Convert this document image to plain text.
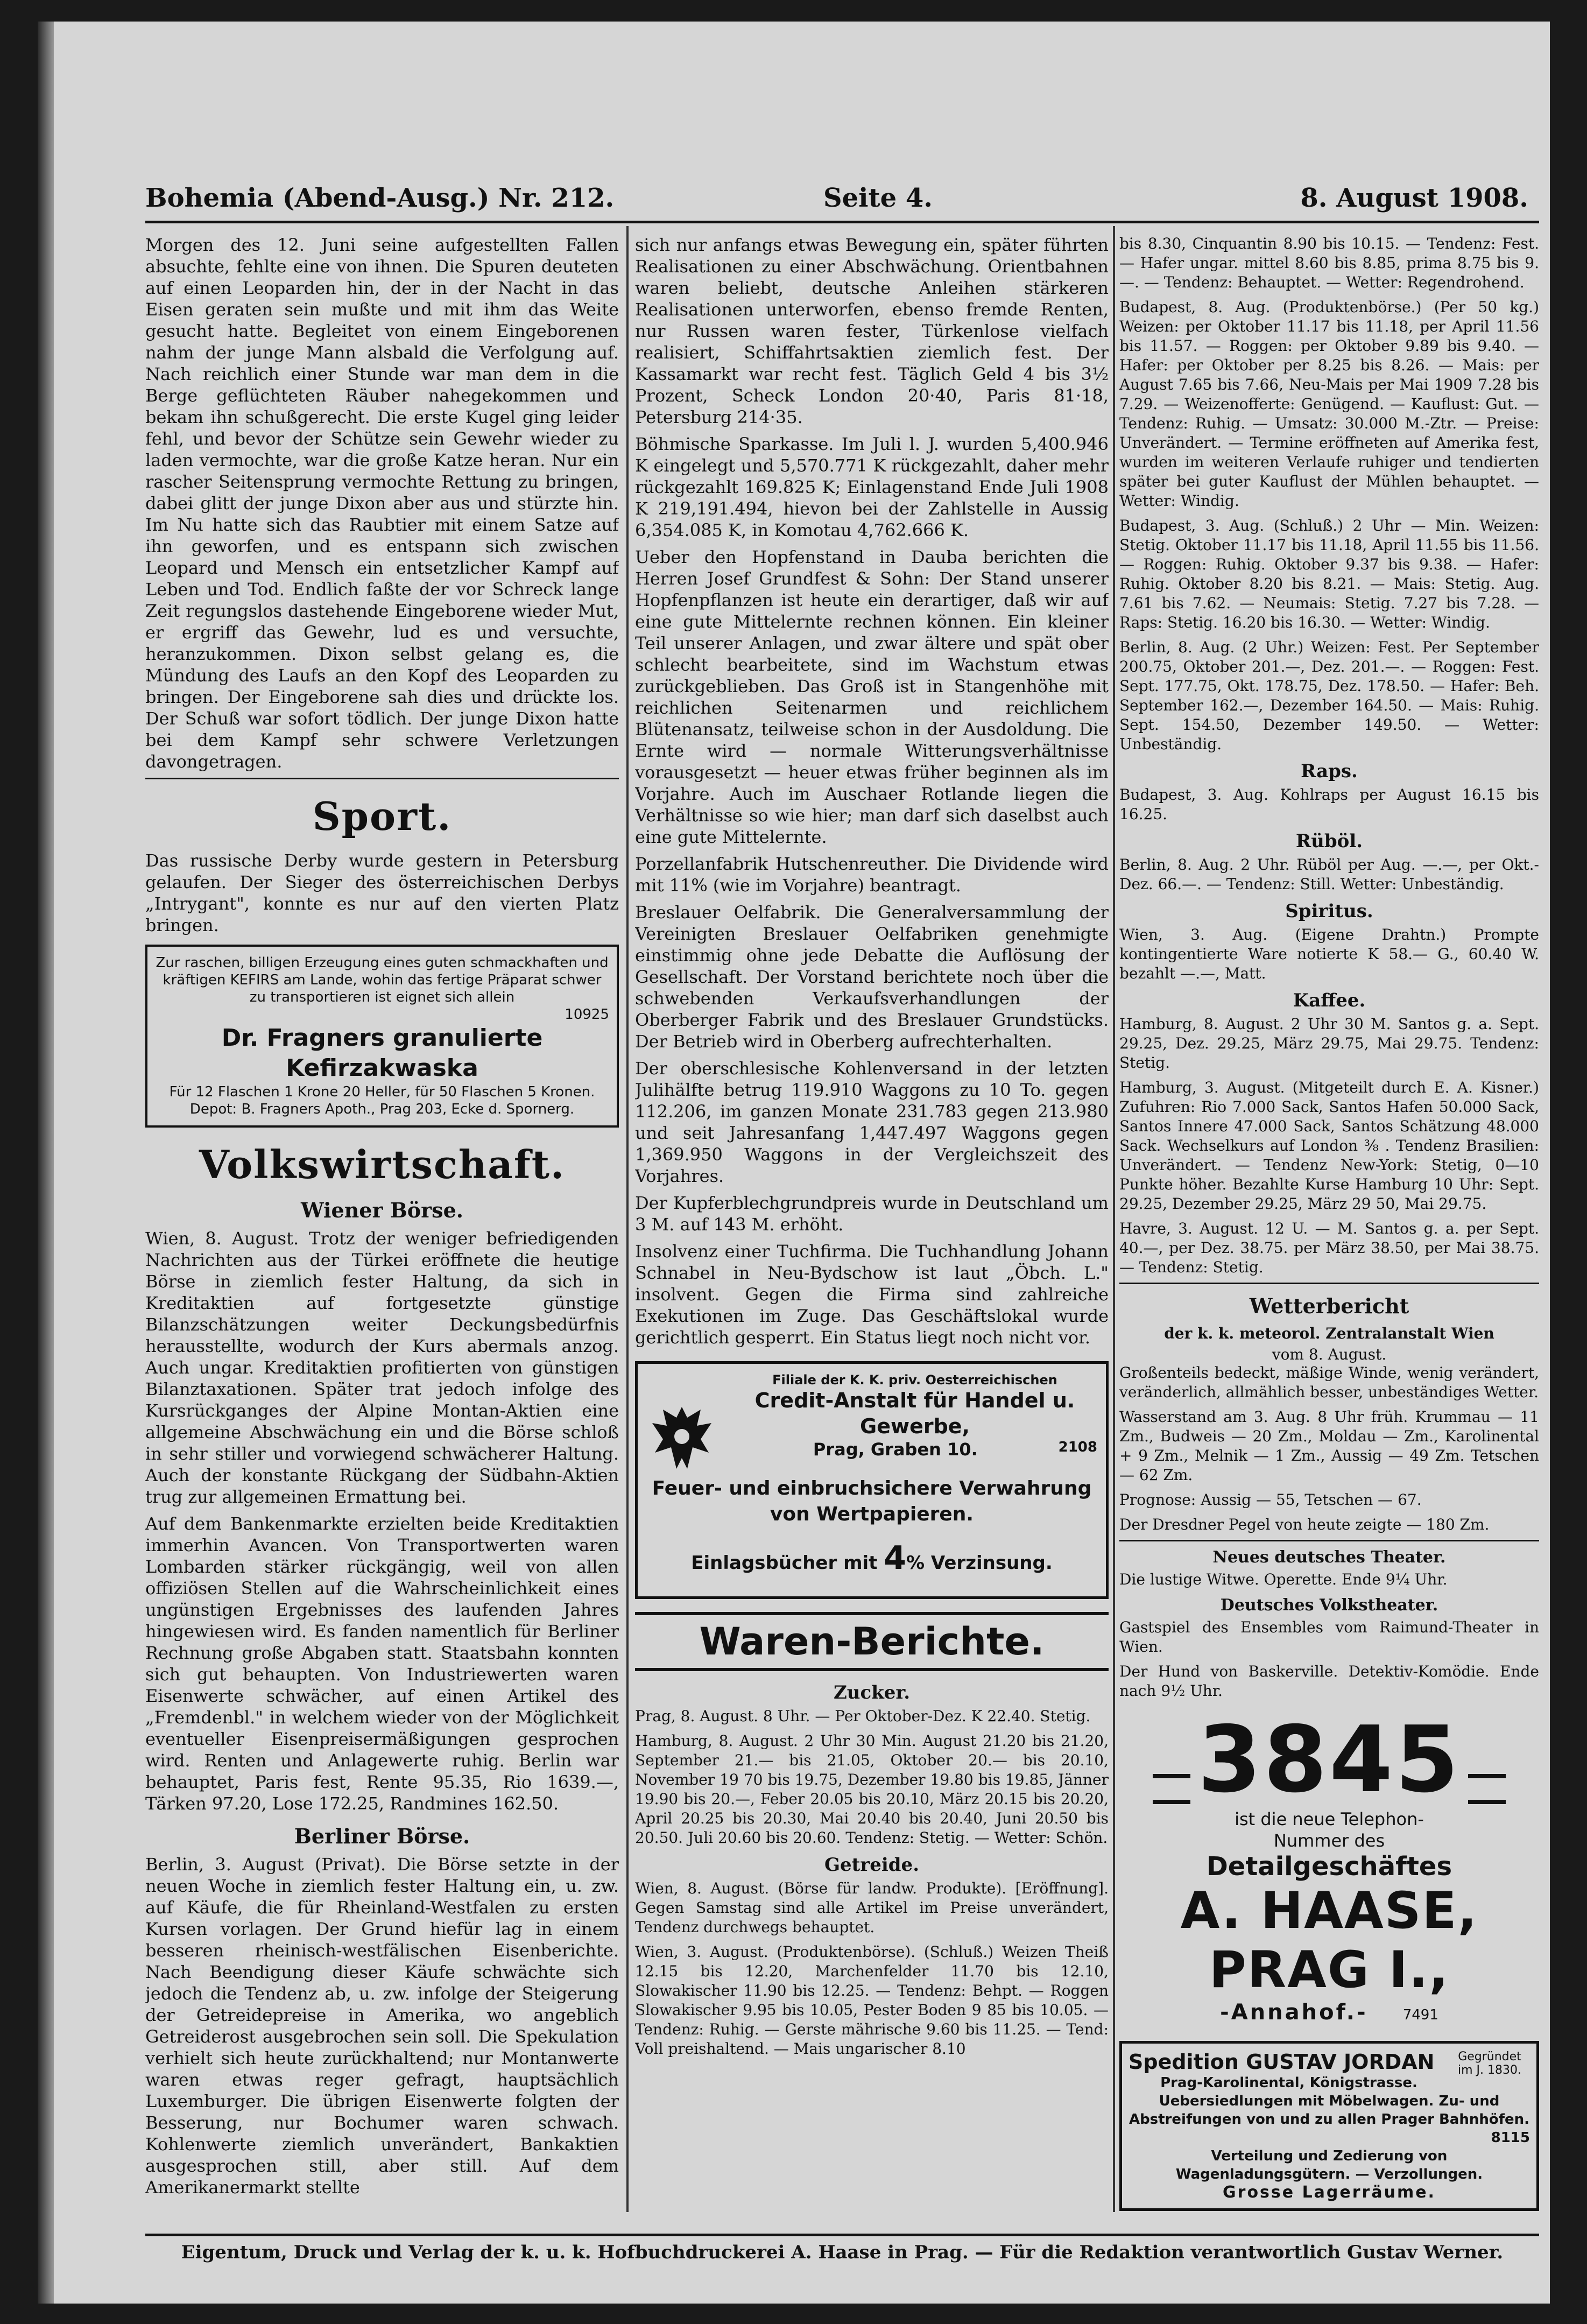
Bohemia (Abend-Ausg.) Nr. 212.	Seite 4.	8. August 1908.

Morgen des 12. Juni seine aufgestellten Fallen absuchte, fehlte eine von ihnen. Die Spuren deuteten auf einen Leoparden hin, der in der Nacht in das Eisen geraten sein mußte und mit ihm das Weite gesucht hatte. Begleitet von einem Eingeborenen nahm der junge Mann alsbald die Verfolgung auf. Nach reichlich einer Stunde war man dem in die Berge geflüchteten Räuber nahegekommen und bekam ihn schußgerecht. Die erste Kugel ging leider fehl, und bevor der Schütze sein Gewehr wieder zu laden vermochte, war die große Katze heran. Nur ein rascher Seitensprung vermochte Rettung zu bringen, dabei glitt der junge Dixon aber aus und stürzte hin. Im Nu hatte sich das Raubtier mit einem Satze auf ihn geworfen, und es entspann sich zwischen Leopard und Mensch ein entsetzlicher Kampf auf Leben und Tod. Endlich faßte der vor Schreck lange Zeit regungslos dastehende Eingeborene wieder Mut, er ergriff das Gewehr, lud es und versuchte, heranzukommen. Dixon selbst gelang es, die Mündung des Laufs an den Kopf des Leoparden zu bringen. Der Eingeborene sah dies und drückte los. Der Schuß war sofort tödlich. Der junge Dixon hatte bei dem Kampf sehr schwere Verletzungen davongetragen.

Sport.

Das russische Derby wurde gestern in Petersburg gelaufen. Der Sieger des österreichischen Derbys „Intrygant", konnte es nur auf den vierten Platz bringen.

Zur raschen, billigen Erzeugung eines guten schmackhaften und kräftigen KEFIRS am Lande, wohin das fertige Präparat schwer zu transportieren ist eignet sich allein
10925
Dr. Fragners granulierte Kefirzakwaska
Für 12 Flaschen 1 Krone 20 Heller, für 50 Flaschen 5 Kronen.
Depot: B. Fragners Apoth., Prag 203, Ecke d. Spornerg.
Volkswirtschaft.
Wiener Börse.

Wien, 8. August. Trotz der weniger befriedigenden Nachrichten aus der Türkei eröffnete die heutige Börse in ziemlich fester Haltung, da sich in Kreditaktien auf fortgesetzte günstige Bilanzschätzungen weiter Deckungsbedürfnis herausstellte, wodurch der Kurs abermals anzog. Auch ungar. Kreditaktien profitierten von günstigen Bilanztaxationen. Später trat jedoch infolge des Kursrückganges der Alpine Montan-Aktien eine allgemeine Abschwächung ein und die Börse schloß in sehr stiller und vorwiegend schwächerer Haltung. Auch der konstante Rückgang der Südbahn-Aktien trug zur allgemeinen Ermattung bei.

Auf dem Bankenmarkte erzielten beide Kreditaktien immerhin Avancen. Von Transportwerten waren Lombarden stärker rückgängig, weil von allen offiziösen Stellen auf die Wahrscheinlichkeit eines ungünstigen Ergebnisses des laufenden Jahres hingewiesen wird. Es fanden namentlich für Berliner Rechnung große Abgaben statt. Staatsbahn konnten sich gut behaupten. Von Industriewerten waren Eisenwerte schwächer, auf einen Artikel des „Fremdenbl." in welchem wieder von der Möglichkeit eventueller Eisenpreisermäßigungen gesprochen wird. Renten und Anlagewerte ruhig. Berlin war behauptet, Paris fest, Rente 95.35, Rio 1639.—, Tärken 97.20, Lose 172.25, Randmines 162.50.

Berliner Börse.

Berlin, 3. August (Privat). Die Börse setzte in der neuen Woche in ziemlich fester Haltung ein, u. zw. auf Käufe, die für Rheinland-Westfalen zu ersten Kursen vorlagen. Der Grund hiefür lag in einem besseren rheinisch-westfälischen Eisenberichte. Nach Beendigung dieser Käufe schwächte sich jedoch die Tendenz ab, u. zw. infolge der Steigerung der Getreidepreise in Amerika, wo angeblich Getreiderost ausgebrochen sein soll. Die Spekulation verhielt sich heute zurückhaltend; nur Montanwerte waren etwas reger gefragt, hauptsächlich Luxemburger. Die übrigen Eisenwerte folgten der Besserung, nur Bochumer waren schwach. Kohlenwerte ziemlich unverändert, Bankaktien ausgesprochen still, aber still. Auf dem Amerikanermarkt stellte

sich nur anfangs etwas Bewegung ein, später führten Realisationen zu einer Abschwächung. Orientbahnen waren beliebt, deutsche Anleihen stärkeren Realisationen unterworfen, ebenso fremde Renten, nur Russen waren fester, Türkenlose vielfach realisiert, Schiffahrtsaktien ziemlich fest. Der Kassamarkt war recht fest. Täglich Geld 4 bis 3½ Prozent, Scheck London 20·40, Paris 81·18, Petersburg 214·35.

Böhmische Sparkasse. Im Juli l. J. wurden 5,400.946 K eingelegt und 5,570.771 K rückgezahlt, daher mehr rückgezahlt 169.825 K; Einlagenstand Ende Juli 1908 K 219,191.494, hievon bei der Zahlstelle in Aussig 6,354.085 K, in Komotau 4,762.666 K.

Ueber den Hopfenstand in Dauba berichten die Herren Josef Grundfest & Sohn: Der Stand unserer Hopfenpflanzen ist heute ein derartiger, daß wir auf eine gute Mittelernte rechnen können. Ein kleiner Teil unserer Anlagen, und zwar ältere und spät ober schlecht bearbeitete, sind im Wachstum etwas zurückgeblieben. Das Groß ist in Stangenhöhe mit reichlichen Seitenarmen und reichlichem Blütenansatz, teilweise schon in der Ausdoldung. Die Ernte wird — normale Witterungsverhältnisse vorausgesetzt — heuer etwas früher beginnen als im Vorjahre. Auch im Auschaer Rotlande liegen die Verhältnisse so wie hier; man darf sich daselbst auch eine gute Mittelernte.

Porzellanfabrik Hutschenreuther. Die Dividende wird mit 11% (wie im Vorjahre) beantragt.

Breslauer Oelfabrik. Die Generalversammlung der Vereinigten Breslauer Oelfabriken genehmigte einstimmig ohne jede Debatte die Auflösung der Gesellschaft. Der Vorstand berichtete noch über die schwebenden Verkaufsverhandlungen der Oberberger Fabrik und des Breslauer Grundstücks. Der Betrieb wird in Oberberg aufrechterhalten.

Der oberschlesische Kohlenversand in der letzten Julihälfte betrug 119.910 Waggons zu 10 To. gegen 112.206, im ganzen Monate 231.783 gegen 213.980 und seit Jahresanfang 1,447.497 Waggons gegen 1,369.950 Waggons in der Vergleichszeit des Vorjahres.

Der Kupferblechgrundpreis wurde in Deutschland um 3 M. auf 143 M. erhöht.

Insolvenz einer Tuchfirma. Die Tuchhandlung Johann Schnabel in Neu-Bydschow ist laut „Öbch. L." insolvent. Gegen die Firma sind zahlreiche Exekutionen im Zuge. Das Geschäftslokal wurde gerichtlich gesperrt. Ein Status liegt noch nicht vor.

Filiale der K. K. priv. Oesterreichischen
Credit-Anstalt für Handel u. Gewerbe,
Prag, Graben 10.	2108
Feuer- und einbruchsichere Verwahrung
von Wertpapieren.
Einlagsbücher mit 4% Verzinsung.
Waren-Berichte.
Zucker.

Prag, 8. August. 8 Uhr. — Per Oktober-Dez. K 22.40. Stetig.

Hamburg, 8. August. 2 Uhr 30 Min. August 21.20 bis 21.20, September 21.— bis 21.05, Oktober 20.— bis 20.10, November 19 70 bis 19.75, Dezember 19.80 bis 19.85, Jänner 19.90 bis 20.—, Feber 20.05 bis 20.10, März 20.15 bis 20.20, April 20.25 bis 20.30, Mai 20.40 bis 20.40, Juni 20.50 bis 20.50. Juli 20.60 bis 20.60. Tendenz: Stetig. — Wetter: Schön.

Getreide.

Wien, 8. August. (Börse für landw. Produkte). [Eröffnung]. Gegen Samstag sind alle Artikel im Preise unverändert, Tendenz durchwegs behauptet.

Wien, 3. August. (Produktenbörse). (Schluß.) Weizen Theiß 12.15 bis 12.20, Marchenfelder 11.70 bis 12.10, Slowakischer 11.90 bis 12.25. — Tendenz: Behpt. — Roggen Slowakischer 9.95 bis 10.05, Pester Boden 9 85 bis 10.05. — Tendenz: Ruhig. — Gerste mährische 9.60 bis 11.25. — Tend: Voll preishaltend. — Mais ungarischer 8.10

bis 8.30, Cinquantin 8.90 bis 10.15. — Tendenz: Fest. — Hafer ungar. mittel 8.60 bis 8.85, prima 8.75 bis 9.—. — Tendenz: Behauptet. — Wetter: Regendrohend.

Budapest, 8. Aug. (Produktenbörse.) (Per 50 kg.) Weizen: per Oktober 11.17 bis 11.18, per April 11.56 bis 11.57. — Roggen: per Oktober 9.89 bis 9.40. — Hafer: per Oktober per 8.25 bis 8.26. — Mais: per August 7.65 bis 7.66, Neu-Mais per Mai 1909 7.28 bis 7.29. — Weizenofferte: Genügend. — Kauflust: Gut. — Tendenz: Ruhig. — Umsatz: 30.000 M.-Ztr. — Preise: Unverändert. — Termine eröffneten auf Amerika fest, wurden im weiteren Verlaufe ruhiger und tendierten später bei guter Kauflust der Mühlen behauptet. — Wetter: Windig.

Budapest, 3. Aug. (Schluß.) 2 Uhr — Min. Weizen: Stetig. Oktober 11.17 bis 11.18, April 11.55 bis 11.56. — Roggen: Ruhig. Oktober 9.37 bis 9.38. — Hafer: Ruhig. Oktober 8.20 bis 8.21. — Mais: Stetig. Aug. 7.61 bis 7.62. — Neumais: Stetig. 7.27 bis 7.28. — Raps: Stetig. 16.20 bis 16.30. — Wetter: Windig.

Berlin, 8. Aug. (2 Uhr.) Weizen: Fest. Per September 200.75, Oktober 201.—, Dez. 201.—. — Roggen: Fest. Sept. 177.75, Okt. 178.75, Dez. 178.50. — Hafer: Beh. September 162.—, Dezember 164.50. — Mais: Ruhig. Sept. 154.50, Dezember 149.50. — Wetter: Unbeständig.

Raps.

Budapest, 3. Aug. Kohlraps per August 16.15 bis 16.25.

Rüböl.

Berlin, 8. Aug. 2 Uhr. Rüböl per Aug. —.—, per Okt.-Dez. 66.—. — Tendenz: Still. Wetter: Unbeständig.

Spiritus.

Wien, 3. Aug. (Eigene Drahtn.) Prompte kontingentierte Ware notierte K 58.— G., 60.40 W. bezahlt —.—, Matt.

Kaffee.

Hamburg, 8. August. 2 Uhr 30 M. Santos g. a. Sept. 29.25, Dez. 29.25, März 29.75, Mai 29.75. Tendenz: Stetig.

Hamburg, 3. August. (Mitgeteilt durch E. A. Kisner.) Zufuhren: Rio 7.000 Sack, Santos Hafen 50.000 Sack, Santos Innere 47.000 Sack, Santos Schätzung 48.000 Sack. Wechselkurs auf London ⅜ . Tendenz Brasilien: Unverändert. — Tendenz New-York: Stetig, 0—10 Punkte höher. Bezahlte Kurse Hamburg 10 Uhr: Sept. 29.25, Dezember 29.25, März 29 50, Mai 29.75.

Havre, 3. August. 12 U. — M. Santos g. a. per Sept. 40.—, per Dez. 38.75. per März 38.50, per Mai 38.75. — Tendenz: Stetig.

Wetterbericht
der k. k. meteorol. Zentralanstalt Wien
vom 8. August.

Großenteils bedeckt, mäßige Winde, wenig verändert, veränderlich, allmählich besser, unbeständiges Wetter.

Wasserstand am 3. Aug. 8 Uhr früh. Krummau — 11 Zm., Budweis — 20 Zm., Moldau — Zm., Karolinental + 9 Zm., Melnik — 1 Zm., Aussig — 49 Zm. Tetschen — 62 Zm.

Prognose: Aussig — 55, Tetschen — 67.

Der Dresdner Pegel von heute zeigte — 180 Zm.

Neues deutsches Theater.

Die lustige Witwe. Operette. Ende 9¼ Uhr.

Deutsches Volkstheater.

Gastspiel des Ensembles vom Raimund-Theater in Wien.

Der Hund von Baskerville. Detektiv-Komödie. Ende nach 9½ Uhr.

3845
ist die neue Telephon-
Nummer des
Detailgeschäftes
A. HAASE, PRAG I.,
-Annahof.-	7491
Spedition GUSTAV JORDAN	Gegründet im J. 1830.
Prag-Karolinental, Königstrasse.
Uebersiedlungen mit Möbelwagen. Zu- und Abstreifungen von und zu allen Prager Bahnhöfen.
8115
Verteilung und Zedierung von Wagenladungsgütern. — Verzollungen.
Grosse Lagerräume.
Eigentum, Druck und Verlag der k. u. k. Hofbuchdruckerei A. Haase in Prag. — Für die Redaktion verantwortlich Gustav Werner.
